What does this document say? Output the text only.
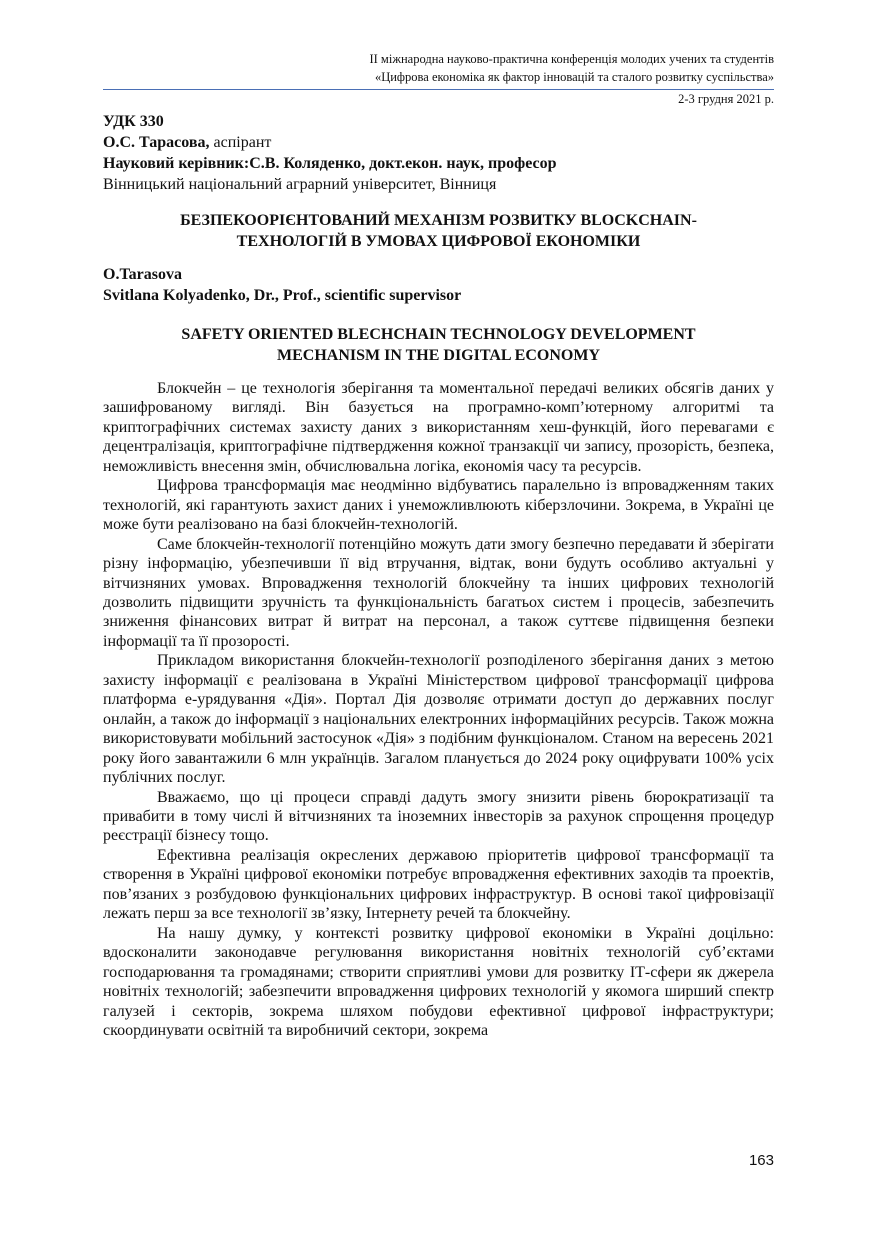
ІІ міжнародна науково-практична конференція молодих учених та студентів
«Цифрова економіка як фактор інновацій та сталого розвитку суспільства»
2-3 грудня 2021 р.
УДК 330
О.С. Тарасова, аспірант
Науковий керівник:С.В. Коляденко, докт.екон. наук, професор
Вінницький національний аграрний університет, Вінниця
БЕЗПЕКООРІЄНТОВАНИЙ МЕХАНІЗМ РОЗВИТКУ BLOCKCHAIN-
ТЕХНОЛОГІЙ В УМОВАХ ЦИФРОВОЇ ЕКОНОМІКИ
O.Tarasova
Svitlana Kolyadenko, Dr., Prof., scientific supervisor
SAFETY ORIENTED BLECHCHAIN TECHNOLOGY DEVELOPMENT
MECHANISM IN THE DIGITAL ECONOMY

Блокчейн – це технологія зберігання та моментальної передачі великих обсягів даних у зашифрованому вигляді. Він базується на програмно-комп’ютерному алгоритмі та криптографічних системах захисту даних з використанням хеш-функцій, його перевагами є децентралізація, криптографічне підтвердження кожної транзакції чи запису, прозорість, безпека, неможливість внесення змін, обчислювальна логіка, економія часу та ресурсів.

Цифрова трансформація має неодмінно відбуватись паралельно із впровадженням таких технологій, які гарантують захист даних і унеможливлюють кіберзлочини. Зокрема, в Україні це може бути реалізовано на базі блокчейн-технологій.

Саме блокчейн-технології потенційно можуть дати змогу безпечно передавати й зберігати різну інформацію, убезпечивши її від втручання, відтак, вони будуть особливо актуальні у вітчизняних умовах. Впровадження технологій блокчейну та інших цифрових технологій дозволить підвищити зручність та функціональність багатьох систем і процесів, забезпечить зниження фінансових витрат й витрат на персонал, а також суттєве підвищення безпеки інформації та її прозорості.

Прикладом використання блокчейн-технології розподіленого зберігання даних з метою захисту інформації є реалізована в Україні Міністерством цифрової трансформації цифрова платформа е-урядування «Дія». Портал Дія дозволяє отримати доступ до державних послуг онлайн, а також до інформації з національних електронних інформаційних ресурсів. Також можна використовувати мобільний застосунок «Дія» з подібним функціоналом. Станом на вересень 2021 року його завантажили 6 млн українців. Загалом планується до 2024 року оцифрувати 100% усіх публічних послуг.

Вважаємо, що ці процеси справді дадуть змогу знизити рівень бюрократизації та привабити в тому числі й вітчизняних та іноземних інвесторів за рахунок спрощення процедур реєстрації бізнесу тощо.

Ефективна реалізація окреслених державою пріоритетів цифрової трансформації та створення в Україні цифрової економіки потребує впровадження ефективних заходів та проектів, пов’язаних з розбудовою функціональних цифрових інфраструктур. В основі такої цифровізації лежать перш за все технології зв’язку, Інтернету речей та блокчейну.

На нашу думку, у контексті розвитку цифрової економіки в Україні доцільно: вдосконалити законодавче регулювання використання новітніх технологій суб’єктами господарювання та громадянами; створити сприятливі умови для розвитку ІТ-сфери як джерела новітніх технологій; забезпечити впровадження цифрових технологій у якомога ширший спектр галузей і секторів, зокрема шляхом побудови ефективної цифрової інфраструктури; скоординувати освітній та виробничий сектори, зокрема

163
